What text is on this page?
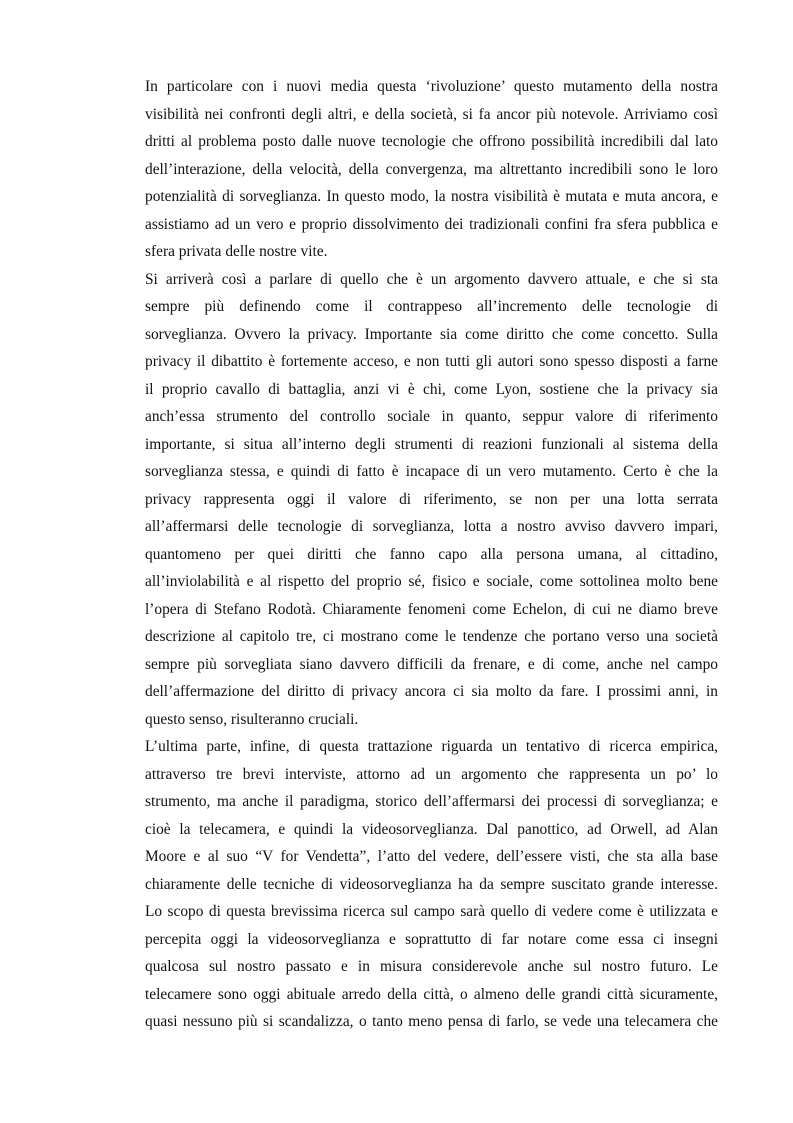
In particolare con i nuovi media questa ‘rivoluzione’ questo mutamento della nostra
visibilità nei confronti degli altri, e della società, si fa ancor più notevole. Arriviamo così
dritti al problema posto dalle nuove tecnologie che offrono possibilità incredibili dal lato
dell’interazione, della velocità, della convergenza, ma altrettanto incredibili sono le loro
potenzialità di sorveglianza. In questo modo, la nostra visibilità è mutata e muta ancora, e
assistiamo ad un vero e proprio dissolvimento dei tradizionali confini fra sfera pubblica e
sfera privata delle nostre vite.
Si arriverà così a parlare di quello che è un argomento davvero attuale, e che si sta
sempre più definendo come il contrappeso all’incremento delle tecnologie di
sorveglianza. Ovvero la privacy. Importante sia come diritto che come concetto. Sulla
privacy il dibattito è fortemente acceso, e non tutti gli autori sono spesso disposti a farne
il proprio cavallo di battaglia, anzi vi è chi, come Lyon, sostiene che la privacy sia
anch’essa strumento del controllo sociale in quanto, seppur valore di riferimento
importante, si situa all’interno degli strumenti di reazioni funzionali al sistema della
sorveglianza stessa, e quindi di fatto è incapace di un vero mutamento. Certo è che la
privacy rappresenta oggi il valore di riferimento, se non per una lotta serrata
all’affermarsi delle tecnologie di sorveglianza, lotta a nostro avviso davvero impari,
quantomeno per quei diritti che fanno capo alla persona umana, al cittadino,
all’inviolabilità e al rispetto del proprio sé, fisico e sociale, come sottolinea molto bene
l’opera di Stefano Rodotà. Chiaramente fenomeni come Echelon, di cui ne diamo breve
descrizione al capitolo tre, ci mostrano come le tendenze che portano verso una società
sempre più sorvegliata siano davvero difficili da frenare, e di come, anche nel campo
dell’affermazione del diritto di privacy ancora ci sia molto da fare. I prossimi anni, in
questo senso, risulteranno cruciali.
L’ultima parte, infine, di questa trattazione riguarda un tentativo di ricerca empirica,
attraverso tre brevi interviste, attorno ad un argomento che rappresenta un po’ lo
strumento, ma anche il paradigma, storico dell’affermarsi dei processi di sorveglianza; e
cioè la telecamera, e quindi la videosorveglianza. Dal panottico, ad Orwell, ad Alan
Moore e al suo “V for Vendetta”, l’atto del vedere, dell’essere visti, che sta alla base
chiaramente delle tecniche di videosorveglianza ha da sempre suscitato grande interesse.
Lo scopo di questa brevissima ricerca sul campo sarà quello di vedere come è utilizzata e
percepita oggi la videosorveglianza e soprattutto di far notare come essa ci insegni
qualcosa sul nostro passato e in misura considerevole anche sul nostro futuro. Le
telecamere sono oggi abituale arredo della città, o almeno delle grandi città sicuramente,
quasi nessuno più si scandalizza, o tanto meno pensa di farlo, se vede una telecamera che
